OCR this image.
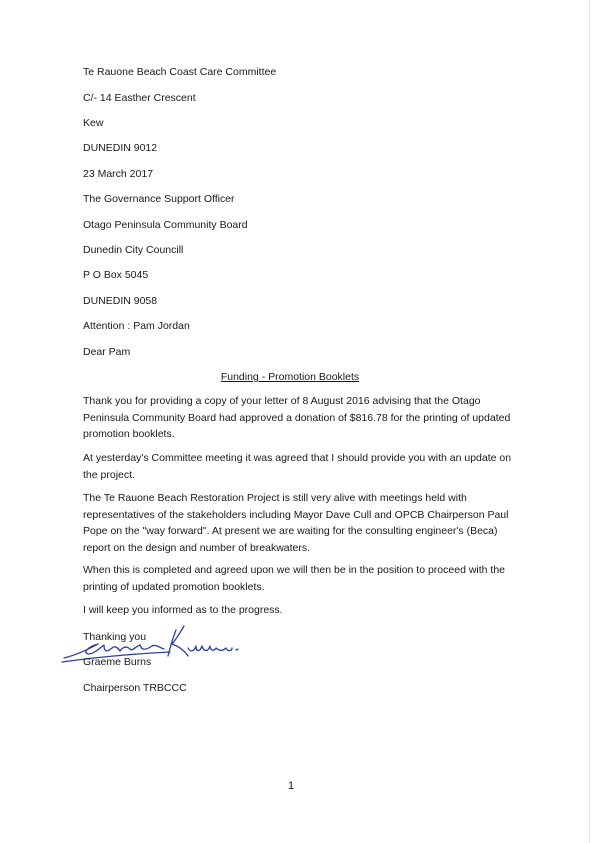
Te Rauone Beach Coast Care Committee
C/- 14 Easther Crescent
Kew
DUNEDIN 9012
23 March 2017
The Governance Support Officer
Otago Peninsula Community Board
Dunedin City Councill
P O Box 5045
DUNEDIN 9058
Attention : Pam Jordan
Dear Pam
Funding - Promotion Booklets
Thank you for providing a copy of your letter of 8 August 2016 advising that the Otago
Peninsula Community Board had approved a donation of $816.78 for the printing of updated
promotion booklets.
At yesterday's Committee meeting it was agreed that I should provide you with an update on
the project.
The Te Rauone Beach Restoration Project is still very alive with meetings held with
representatives of the stakeholders including Mayor Dave Cull and OPCB Chairperson Paul
Pope on the "way forward". At present we are waiting for the consulting engineer's (Beca)
report on the design and number of breakwaters.
When this is completed and agreed upon we will then be in the position to proceed with the
printing of updated promotion booklets.
I will keep you informed as to the progress.
Thanking you
Graeme Burns
Chairperson TRBCCC
1
